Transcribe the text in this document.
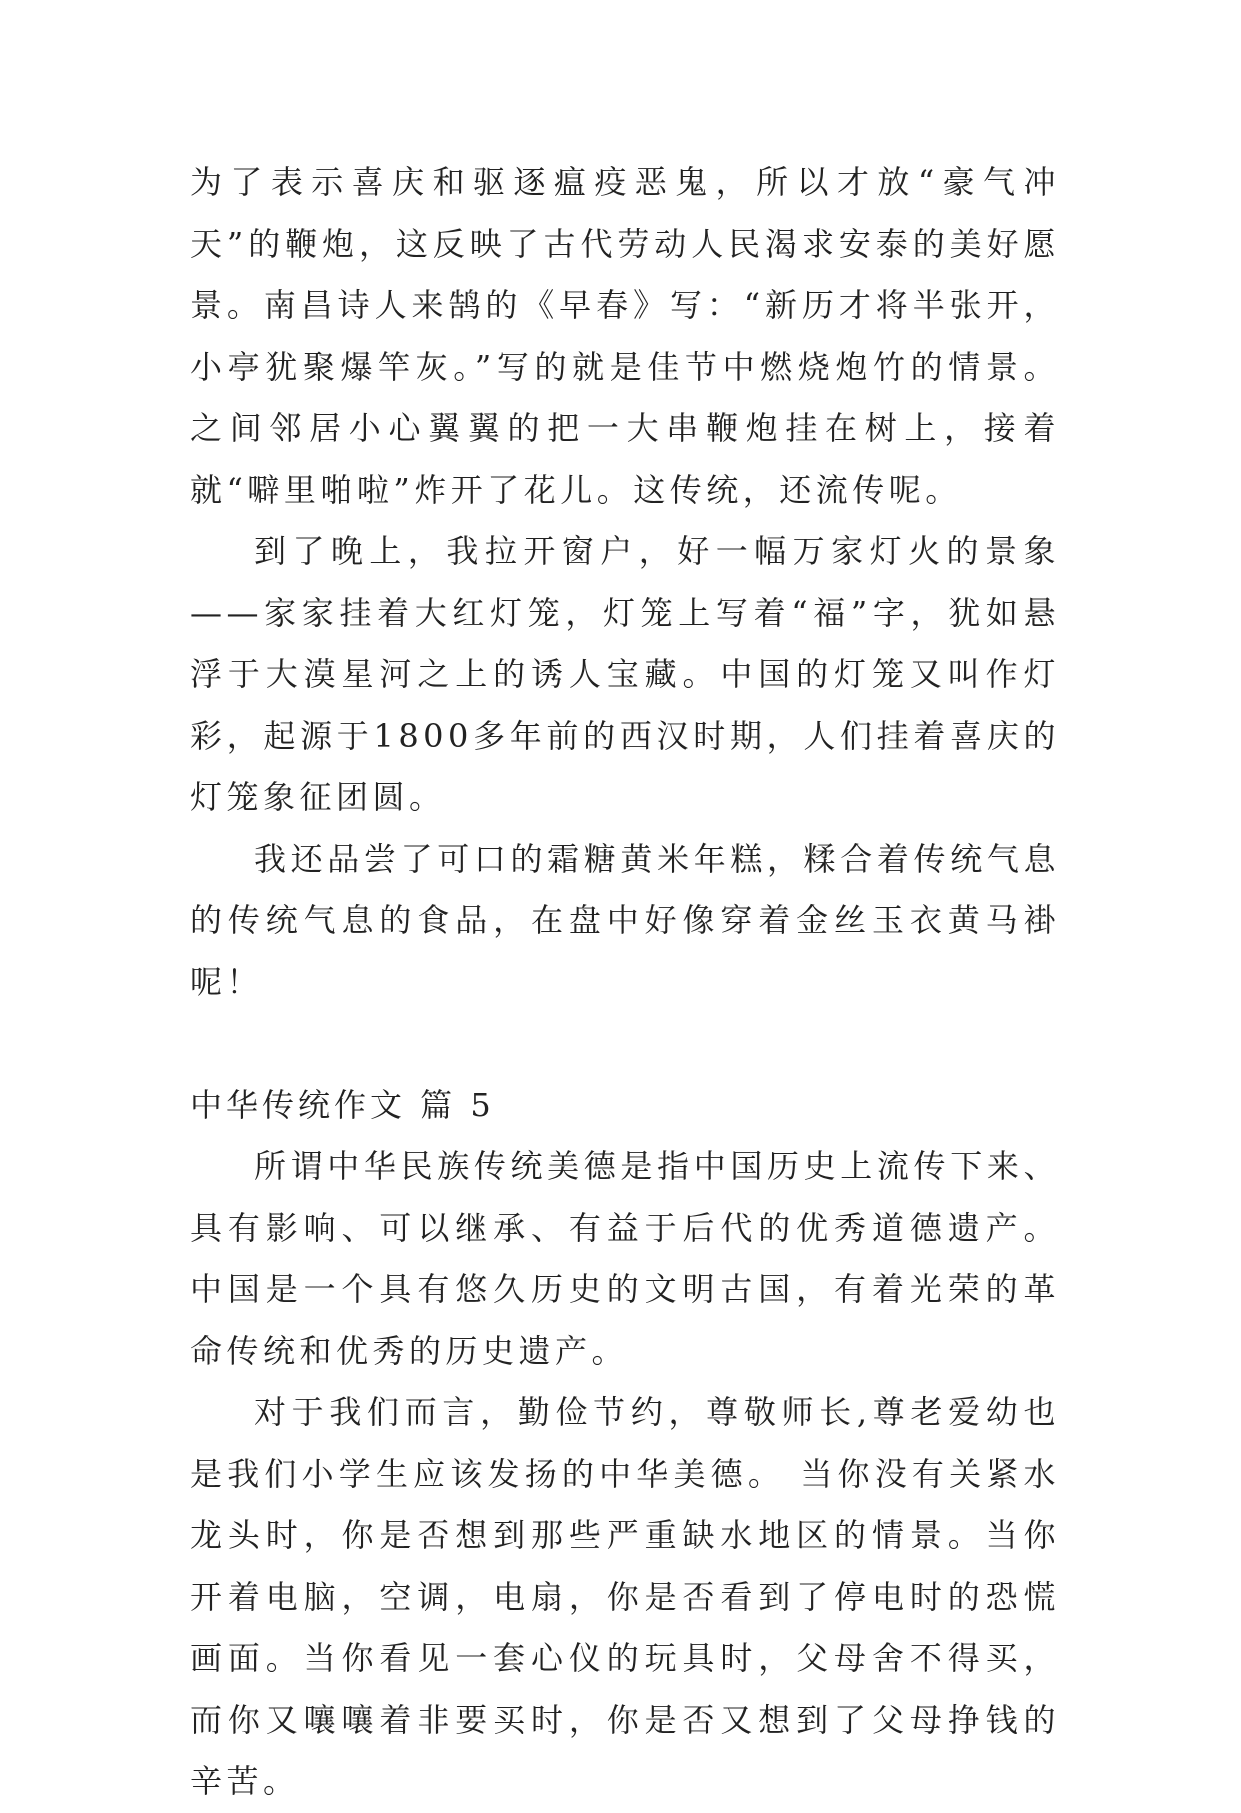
为了表示喜庆和驱逐瘟疫恶鬼，所以才放“豪气冲天”的鞭炮，这反映了古代劳动人民渴求安泰的美好愿景。南昌诗人来鹄的《早春》写：“新历才将半张开，小亭犹聚爆竿灰。”写的就是佳节中燃烧炮竹的情景。之间邻居小心翼翼的把一大串鞭炮挂在树上，接着就“噼里啪啦”炸开了花儿。这传统，还流传呢。

到了晚上，我拉开窗户，好一幅万家灯火的景象——家家挂着大红灯笼，灯笼上写着“福”字，犹如悬浮于大漠星河之上的诱人宝藏。中国的灯笼又叫作灯彩，起源于1800多年前的西汉时期，人们挂着喜庆的灯笼象征团圆。

我还品尝了可口的霜糖黄米年糕，糅合着传统气息的传统气息的食品，在盘中好像穿着金丝玉衣黄马褂呢！

中华传统作文 篇 5

所谓中华民族传统美德是指中国历史上流传下来、具有影响、可以继承、有益于后代的优秀道德遗产。中国是一个具有悠久历史的文明古国，有着光荣的革命传统和优秀的历史遗产。

对于我们而言，勤俭节约，尊敬师长,尊老爱幼也是我们小学生应该发扬的中华美德。 当你没有关紧水龙头时，你是否想到那些严重缺水地区的情景。当你开着电脑，空调，电扇，你是否看到了停电时的恐慌画面。当你看见一套心仪的玩具时，父母舍不得买，而你又嚷嚷着非要买时，你是否又想到了父母挣钱的辛苦。
